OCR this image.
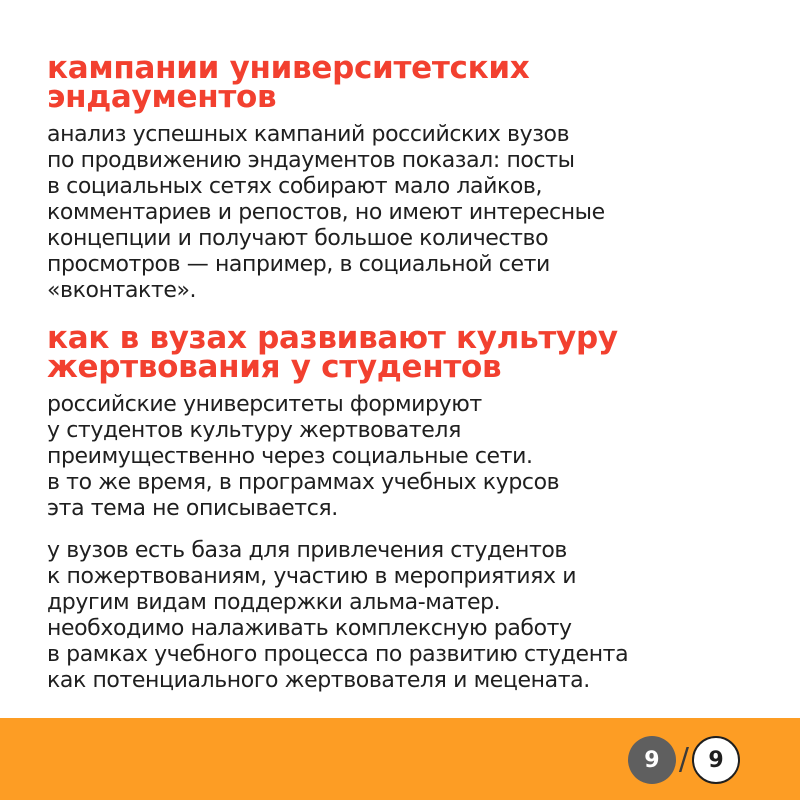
кампании университетских
эндаументов

анализ успешных кампаний российских вузов
по продвижению эндаументов показал: посты
в социальных сетях собирают мало лайков,
комментариев и репостов, но имеют интересные
концепции и получают большое количество
просмотров — например, в социальной сети
«вконтакте».

как в вузах развивают культуру
жертвования у студентов

российские университеты формируют
у студентов культуру жертвователя
преимущественно через социальные сети.
в то же время, в программах учебных курсов
эта тема не описывается.

у вузов есть база для привлечения студентов
к пожертвованиям, участию в мероприятиях и
другим видам поддержки альма-матер.
необходимо налаживать комплексную работу
в рамках учебного процесса по развитию студента
как потенциального жертвователя и мецената.

9 / 9
